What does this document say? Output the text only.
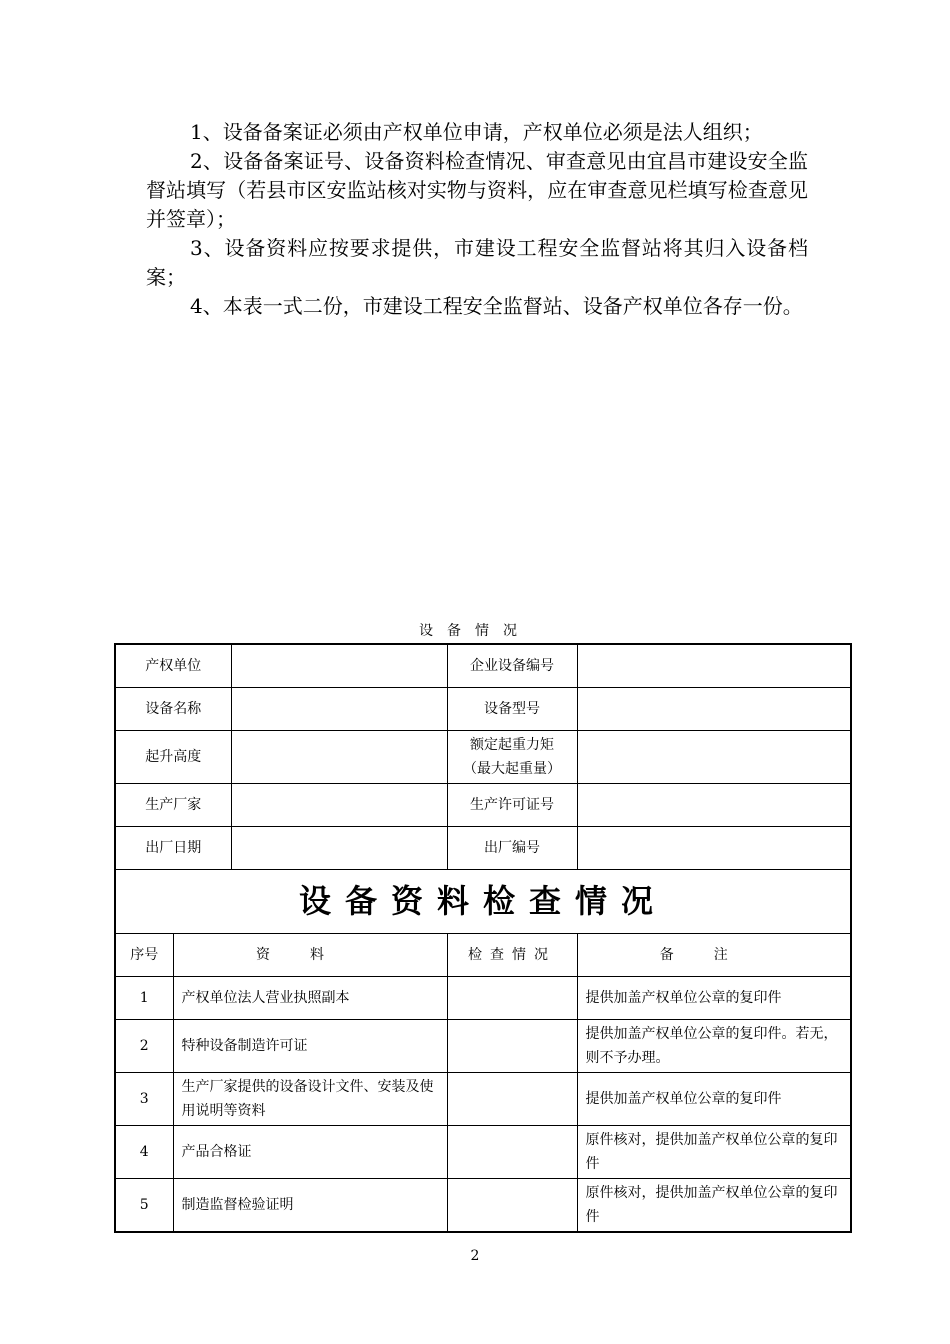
1、设备备案证必须由产权单位申请，产权单位必须是法人组织；

2、设备备案证号、设备资料检查情况、审查意见由宜昌市建设安全监督站填写（若县市区安监站核对实物与资料，应在审查意见栏填写检查意见并签章）；

3、设备资料应按要求提供，市建设工程安全监督站将其归入设备档案；

4、本表一式二份，市建设工程安全监督站、设备产权单位各存一份。

设备情况
产权单位			企业设备编号	
设备名称			设备型号	
起升高度			额定起重力矩
（最大起重量）	

生产厂家			生产许可证号	
出厂日期			出厂编号	
设备资料检查情况				
序号	资料		检查情况	备注
1	产权单位法人营业执照副本			提供加盖产权单位公章的复印件
2	特种设备制造许可证			提供加盖产权单位公章的复印件。若无，则不予办理。
3	生产厂家提供的设备设计文件、安装及使用说明等资料			提供加盖产权单位公章的复印件
4	产品合格证			原件核对，提供加盖产权单位公章的复印件
5	制造监督检验证明			原件核对，提供加盖产权单位公章的复印件
2
